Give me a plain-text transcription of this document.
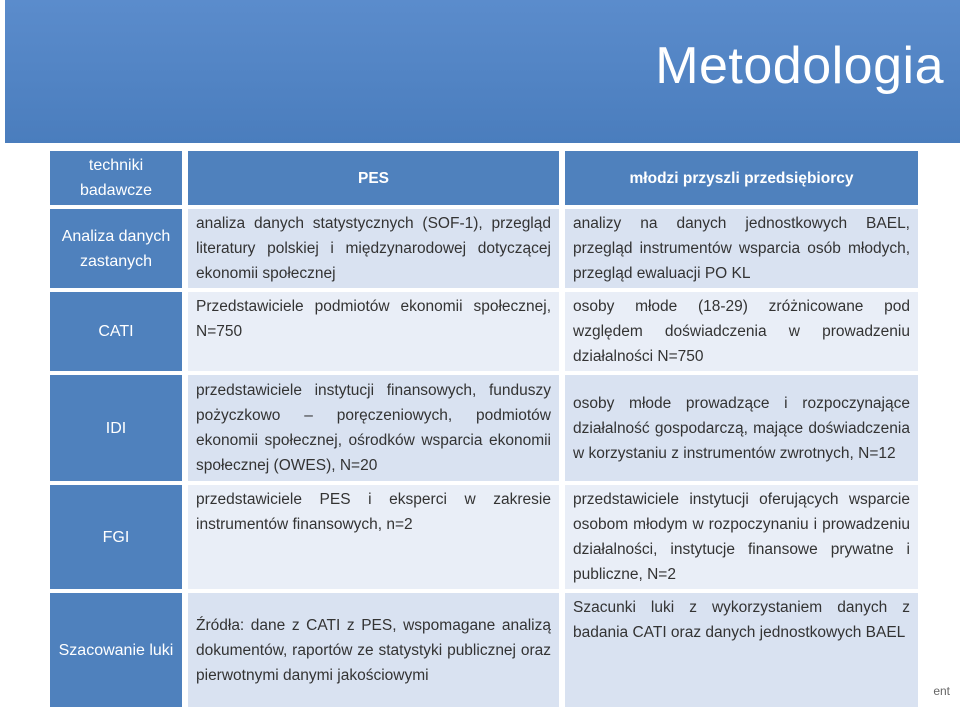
Metodologia
techniki badawcze	PES	młodzi przyszli przedsiębiorcy
Analiza danych zastanych	analiza danych statystycznych (SOF-1), przegląd literatury polskiej i międzynarodowej dotyczącej ekonomii społecznej	analizy na danych jednostkowych BAEL, przegląd instrumentów wsparcia osób młodych, przegląd ewaluacji PO KL
CATI	Przedstawiciele podmiotów ekonomii społecznej, N=750	osoby młode (18-29) zróżnicowane pod względem doświadczenia w prowadzeniu działalności N=750
IDI	przedstawiciele instytucji finansowych, funduszy pożyczkowo – poręczeniowych, podmiotów ekonomii społecznej, ośrodków wsparcia ekonomii społecznej (OWES), N=20	osoby młode prowadzące i rozpoczynające działalność gospodarczą, mające doświadczenia w korzystaniu z instrumentów zwrotnych, N=12
FGI	przedstawiciele PES i eksperci w zakresie instrumentów finansowych, n=2	przedstawiciele instytucji oferujących wsparcie osobom młodym w rozpoczynaniu i prowadzeniu działalności, instytucje finansowe prywatne i publiczne, N=2
Szacowanie luki	Źródła: dane z CATI z PES, wspomagane analizą dokumentów, raportów ze statystyki publicznej oraz pierwotnymi danymi jakościowymi	Szacunki luki z wykorzystaniem danych z badania CATI oraz danych jednostkowych BAEL
ent
